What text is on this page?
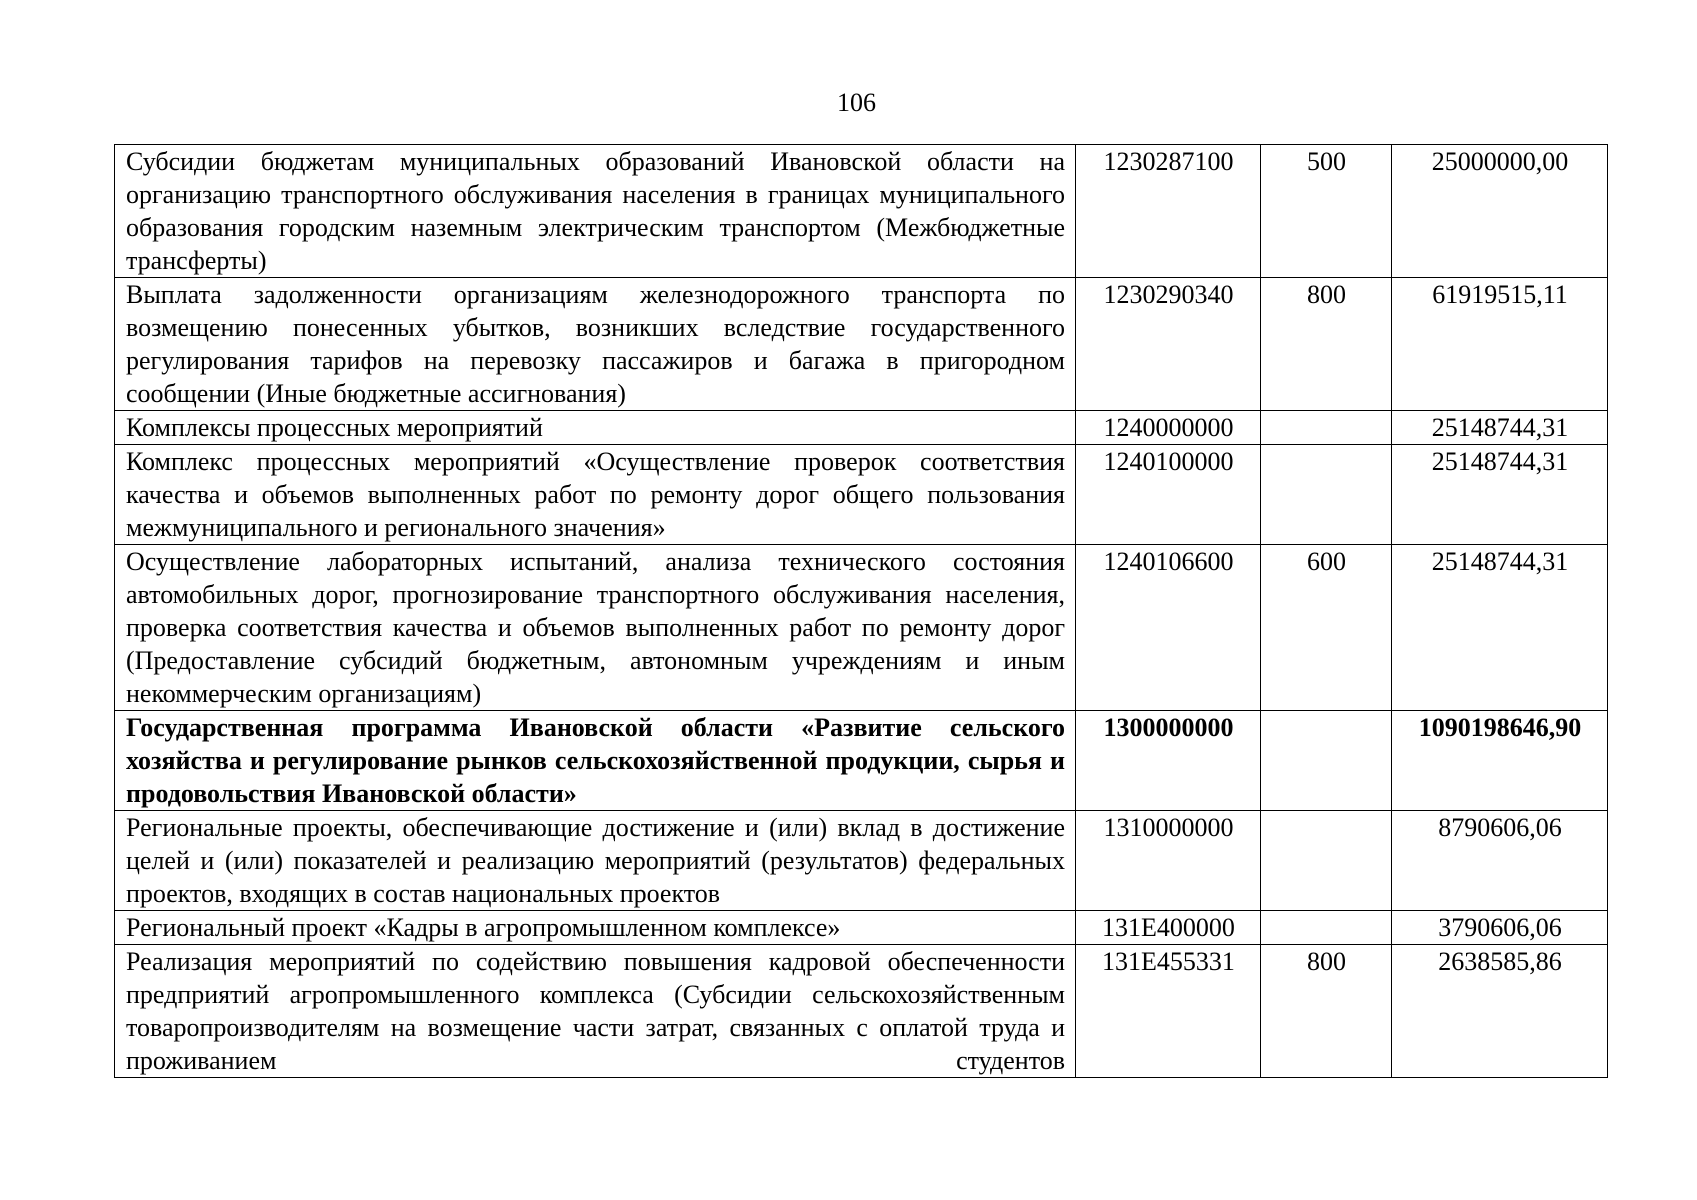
106
Субсидии бюджетам муниципальных образований Ивановской области на организацию транспортного обслуживания населения в границах муниципального образования городским наземным электрическим транспортом (Межбюджетные трансферты)	1230287100	500	25000000,00
Выплата задолженности организациям железнодорожного транспорта по возмещению понесенных убытков, возникших вследствие государственного регулирования тарифов на перевозку пассажиров и багажа в пригородном сообщении (Иные бюджетные ассигнования)	1230290340	800	61919515,11
Комплексы процессных мероприятий	1240000000		25148744,31
Комплекс процессных мероприятий «Осуществление проверок соответствия качества и объемов выполненных работ по ремонту дорог общего пользования межмуниципального и регионального значения»	1240100000		25148744,31
Осуществление лабораторных испытаний, анализа технического состояния автомобильных дорог, прогнозирование транспортного обслуживания населения, проверка соответствия качества и объемов выполненных работ по ремонту дорог (Предоставление субсидий бюджетным, автономным учреждениям и иным некоммерческим организациям)	1240106600	600	25148744,31
Государственная программа Ивановской области «Развитие сельского хозяйства и регулирование рынков сельскохозяйственной продукции, сырья и продовольствия Ивановской области»	1300000000		1090198646,90
Региональные проекты, обеспечивающие достижение и (или) вклад в достижение целей и (или) показателей и реализацию мероприятий (результатов) федеральных проектов, входящих в состав национальных проектов	1310000000		8790606,06
Региональный проект «Кадры в агропромышленном комплексе»	131E400000		3790606,06
Реализация мероприятий по содействию повышения кадровой обеспеченности предприятий агропромышленного комплекса (Субсидии сельскохозяйственным товаропроизводителям на возмещение части затрат, связанных с оплатой труда и проживанием студентов	131E455331	800	2638585,86
